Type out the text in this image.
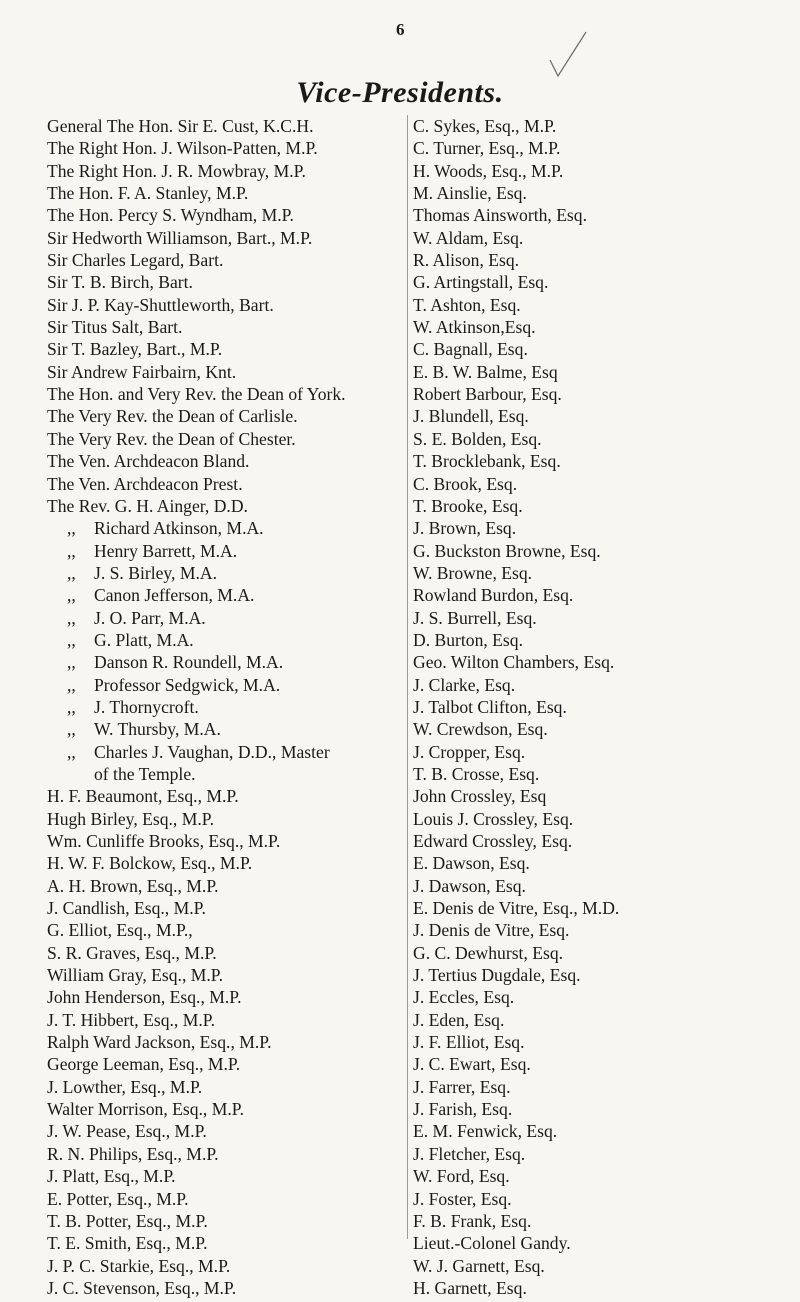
6
Vice-Presidents.
General The Hon. Sir E. Cust, K.C.H.
The Right Hon. J. Wilson-Patten, M.P.
The Right Hon. J. R. Mowbray, M.P.
The Hon. F. A. Stanley, M.P.
The Hon. Percy S. Wyndham, M.P.
Sir Hedworth Williamson, Bart., M.P.
Sir Charles Legard, Bart.
Sir T. B. Birch, Bart.
Sir J. P. Kay-Shuttleworth, Bart.
Sir Titus Salt, Bart.
Sir T. Bazley, Bart., M.P.
Sir Andrew Fairbairn, Knt.
The Hon. and Very Rev. the Dean of York.
The Very Rev. the Dean of Carlisle.
The Very Rev. the Dean of Chester.
The Ven. Archdeacon Bland.
The Ven. Archdeacon Prest.
The Rev. G. H. Ainger, D.D.
,, Richard Atkinson, M.A.
,, Henry Barrett, M.A.
,, J. S. Birley, M.A.
,, Canon Jefferson, M.A.
,, J. O. Parr, M.A.
,, G. Platt, M.A.
,, Danson R. Roundell, M.A.
,, Professor Sedgwick, M.A.
,, J. Thornycroft.
,, W. Thursby, M.A.
,, Charles J. Vaughan, D.D., Master
of the Temple.
H. F. Beaumont, Esq., M.P.
Hugh Birley, Esq., M.P.
Wm. Cunliffe Brooks, Esq., M.P.
H. W. F. Bolckow, Esq., M.P.
A. H. Brown, Esq., M.P.
J. Candlish, Esq., M.P.
G. Elliot, Esq., M.P.,
S. R. Graves, Esq., M.P.
William Gray, Esq., M.P.
John Henderson, Esq., M.P.
J. T. Hibbert, Esq., M.P.
Ralph Ward Jackson, Esq., M.P.
George Leeman, Esq., M.P.
J. Lowther, Esq., M.P.
Walter Morrison, Esq., M.P.
J. W. Pease, Esq., M.P.
R. N. Philips, Esq., M.P.
J. Platt, Esq., M.P.
E. Potter, Esq., M.P.
T. B. Potter, Esq., M.P.
T. E. Smith, Esq., M.P.
J. P. C. Starkie, Esq., M.P.
J. C. Stevenson, Esq., M.P.
C. Sykes, Esq., M.P.
C. Turner, Esq., M.P.
H. Woods, Esq., M.P.
M. Ainslie, Esq.
Thomas Ainsworth, Esq.
W. Aldam, Esq.
R. Alison, Esq.
G. Artingstall, Esq.
T. Ashton, Esq.
W. Atkinson,Esq.
C. Bagnall, Esq.
E. B. W. Balme, Esq
Robert Barbour, Esq.
J. Blundell, Esq.
S. E. Bolden, Esq.
T. Brocklebank, Esq.
C. Brook, Esq.
T. Brooke, Esq.
J. Brown, Esq.
G. Buckston Browne, Esq.
W. Browne, Esq.
Rowland Burdon, Esq.
J. S. Burrell, Esq.
D. Burton, Esq.
Geo. Wilton Chambers, Esq.
J. Clarke, Esq.
J. Talbot Clifton, Esq.
W. Crewdson, Esq.
J. Cropper, Esq.
T. B. Crosse, Esq.
John Crossley, Esq
Louis J. Crossley, Esq.
Edward Crossley, Esq.
E. Dawson, Esq.
J. Dawson, Esq.
E. Denis de Vitre, Esq., M.D.
J. Denis de Vitre, Esq.
G. C. Dewhurst, Esq.
J. Tertius Dugdale, Esq.
J. Eccles, Esq.
J. Eden, Esq.
J. F. Elliot, Esq.
J. C. Ewart, Esq.
J. Farrer, Esq.
J. Farish, Esq.
E. M. Fenwick, Esq.
J. Fletcher, Esq.
W. Ford, Esq.
J. Foster, Esq.
F. B. Frank, Esq.
Lieut.-Colonel Gandy.
W. J. Garnett, Esq.
H. Garnett, Esq.
